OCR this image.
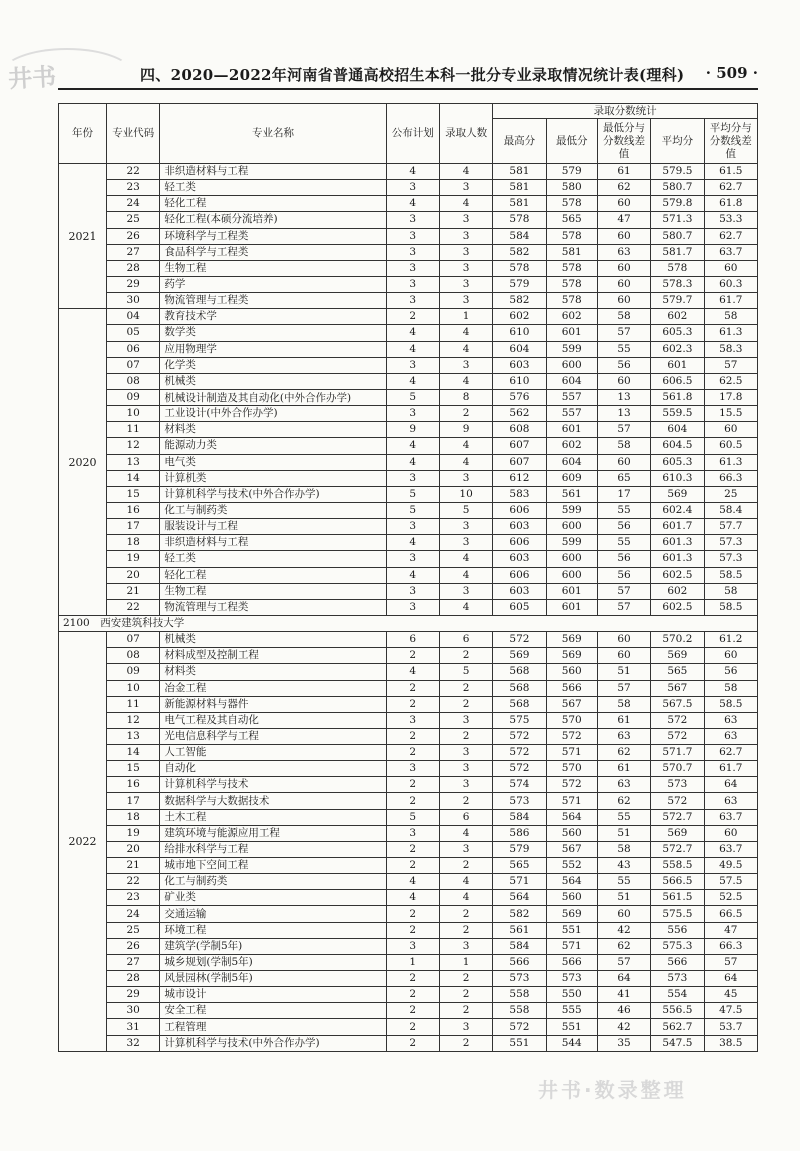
井书	四、2020—2022年河南省普通高校招生本科一批分专业录取情况统计表(理科) · 509 ·
年份	专业代码	专业名称	公布计划	录取人数	录取分数统计				
					最高分	最低分	最低分与分数线差值	平均分	平均分与分数线差值
2021	22	非织造材料与工程	4	4	581	579	61	579.5	61.5
	23	轻工类	3	3	581	580	62	580.7	62.7
	24	轻化工程	4	4	581	578	60	579.8	61.8
	25	轻化工程(本硕分流培养)	3	3	578	565	47	571.3	53.3
	26	环境科学与工程类	3	3	584	578	60	580.7	62.7
	27	食品科学与工程类	3	3	582	581	63	581.7	63.7
	28	生物工程	3	3	578	578	60	578	60
	29	药学	3	3	579	578	60	578.3	60.3
	30	物流管理与工程类	3	3	582	578	60	579.7	61.7
2020	04	教育技术学	2	1	602	602	58	602	58
	05	数学类	4	4	610	601	57	605.3	61.3
	06	应用物理学	4	4	604	599	55	602.3	58.3
	07	化学类	3	3	603	600	56	601	57
	08	机械类	4	4	610	604	60	606.5	62.5
	09	机械设计制造及其自动化(中外合作办学)	5	8	576	557	13	561.8	17.8
	10	工业设计(中外合作办学)	3	2	562	557	13	559.5	15.5
	11	材料类	9	9	608	601	57	604	60
	12	能源动力类	4	4	607	602	58	604.5	60.5
	13	电气类	4	4	607	604	60	605.3	61.3
	14	计算机类	3	3	612	609	65	610.3	66.3
	15	计算机科学与技术(中外合作办学)	5	10	583	561	17	569	25
	16	化工与制药类	5	5	606	599	55	602.4	58.4
	17	服装设计与工程	3	3	603	600	56	601.7	57.7
	18	非织造材料与工程	4	3	606	599	55	601.3	57.3
	19	轻工类	3	4	603	600	56	601.3	57.3
	20	轻化工程	4	4	606	600	56	602.5	58.5
	21	生物工程	3	3	603	601	57	602	58
	22	物流管理与工程类	3	4	605	601	57	602.5	58.5
2100　西安建筑科技大学									
2022	07	机械类	6	6	572	569	60	570.2	61.2
	08	材料成型及控制工程	2	2	569	569	60	569	60
	09	材料类	4	5	568	560	51	565	56
	10	冶金工程	2	2	568	566	57	567	58
	11	新能源材料与器件	2	2	568	567	58	567.5	58.5
	12	电气工程及其自动化	3	3	575	570	61	572	63
	13	光电信息科学与工程	2	2	572	572	63	572	63
	14	人工智能	2	3	572	571	62	571.7	62.7
	15	自动化	3	3	572	570	61	570.7	61.7
	16	计算机科学与技术	2	3	574	572	63	573	64
	17	数据科学与大数据技术	2	2	573	571	62	572	63
	18	土木工程	5	6	584	564	55	572.7	63.7
	19	建筑环境与能源应用工程	3	4	586	560	51	569	60
	20	给排水科学与工程	2	3	579	567	58	572.7	63.7
	21	城市地下空间工程	2	2	565	552	43	558.5	49.5
	22	化工与制药类	4	4	571	564	55	566.5	57.5
	23	矿业类	4	4	564	560	51	561.5	52.5
	24	交通运输	2	2	582	569	60	575.5	66.5
	25	环境工程	2	2	561	551	42	556	47
	26	建筑学(学制5年)	3	3	584	571	62	575.3	66.3
	27	城乡规划(学制5年)	1	1	566	566	57	566	57
	28	风景园林(学制5年)	2	2	573	573	64	573	64
	29	城市设计	2	2	558	550	41	554	45
	30	安全工程	2	2	558	555	46	556.5	47.5
	31	工程管理	2	3	572	551	42	562.7	53.7
	32	计算机科学与技术(中外合作办学)	2	2	551	544	35	547.5	38.5
井书·数录整理
